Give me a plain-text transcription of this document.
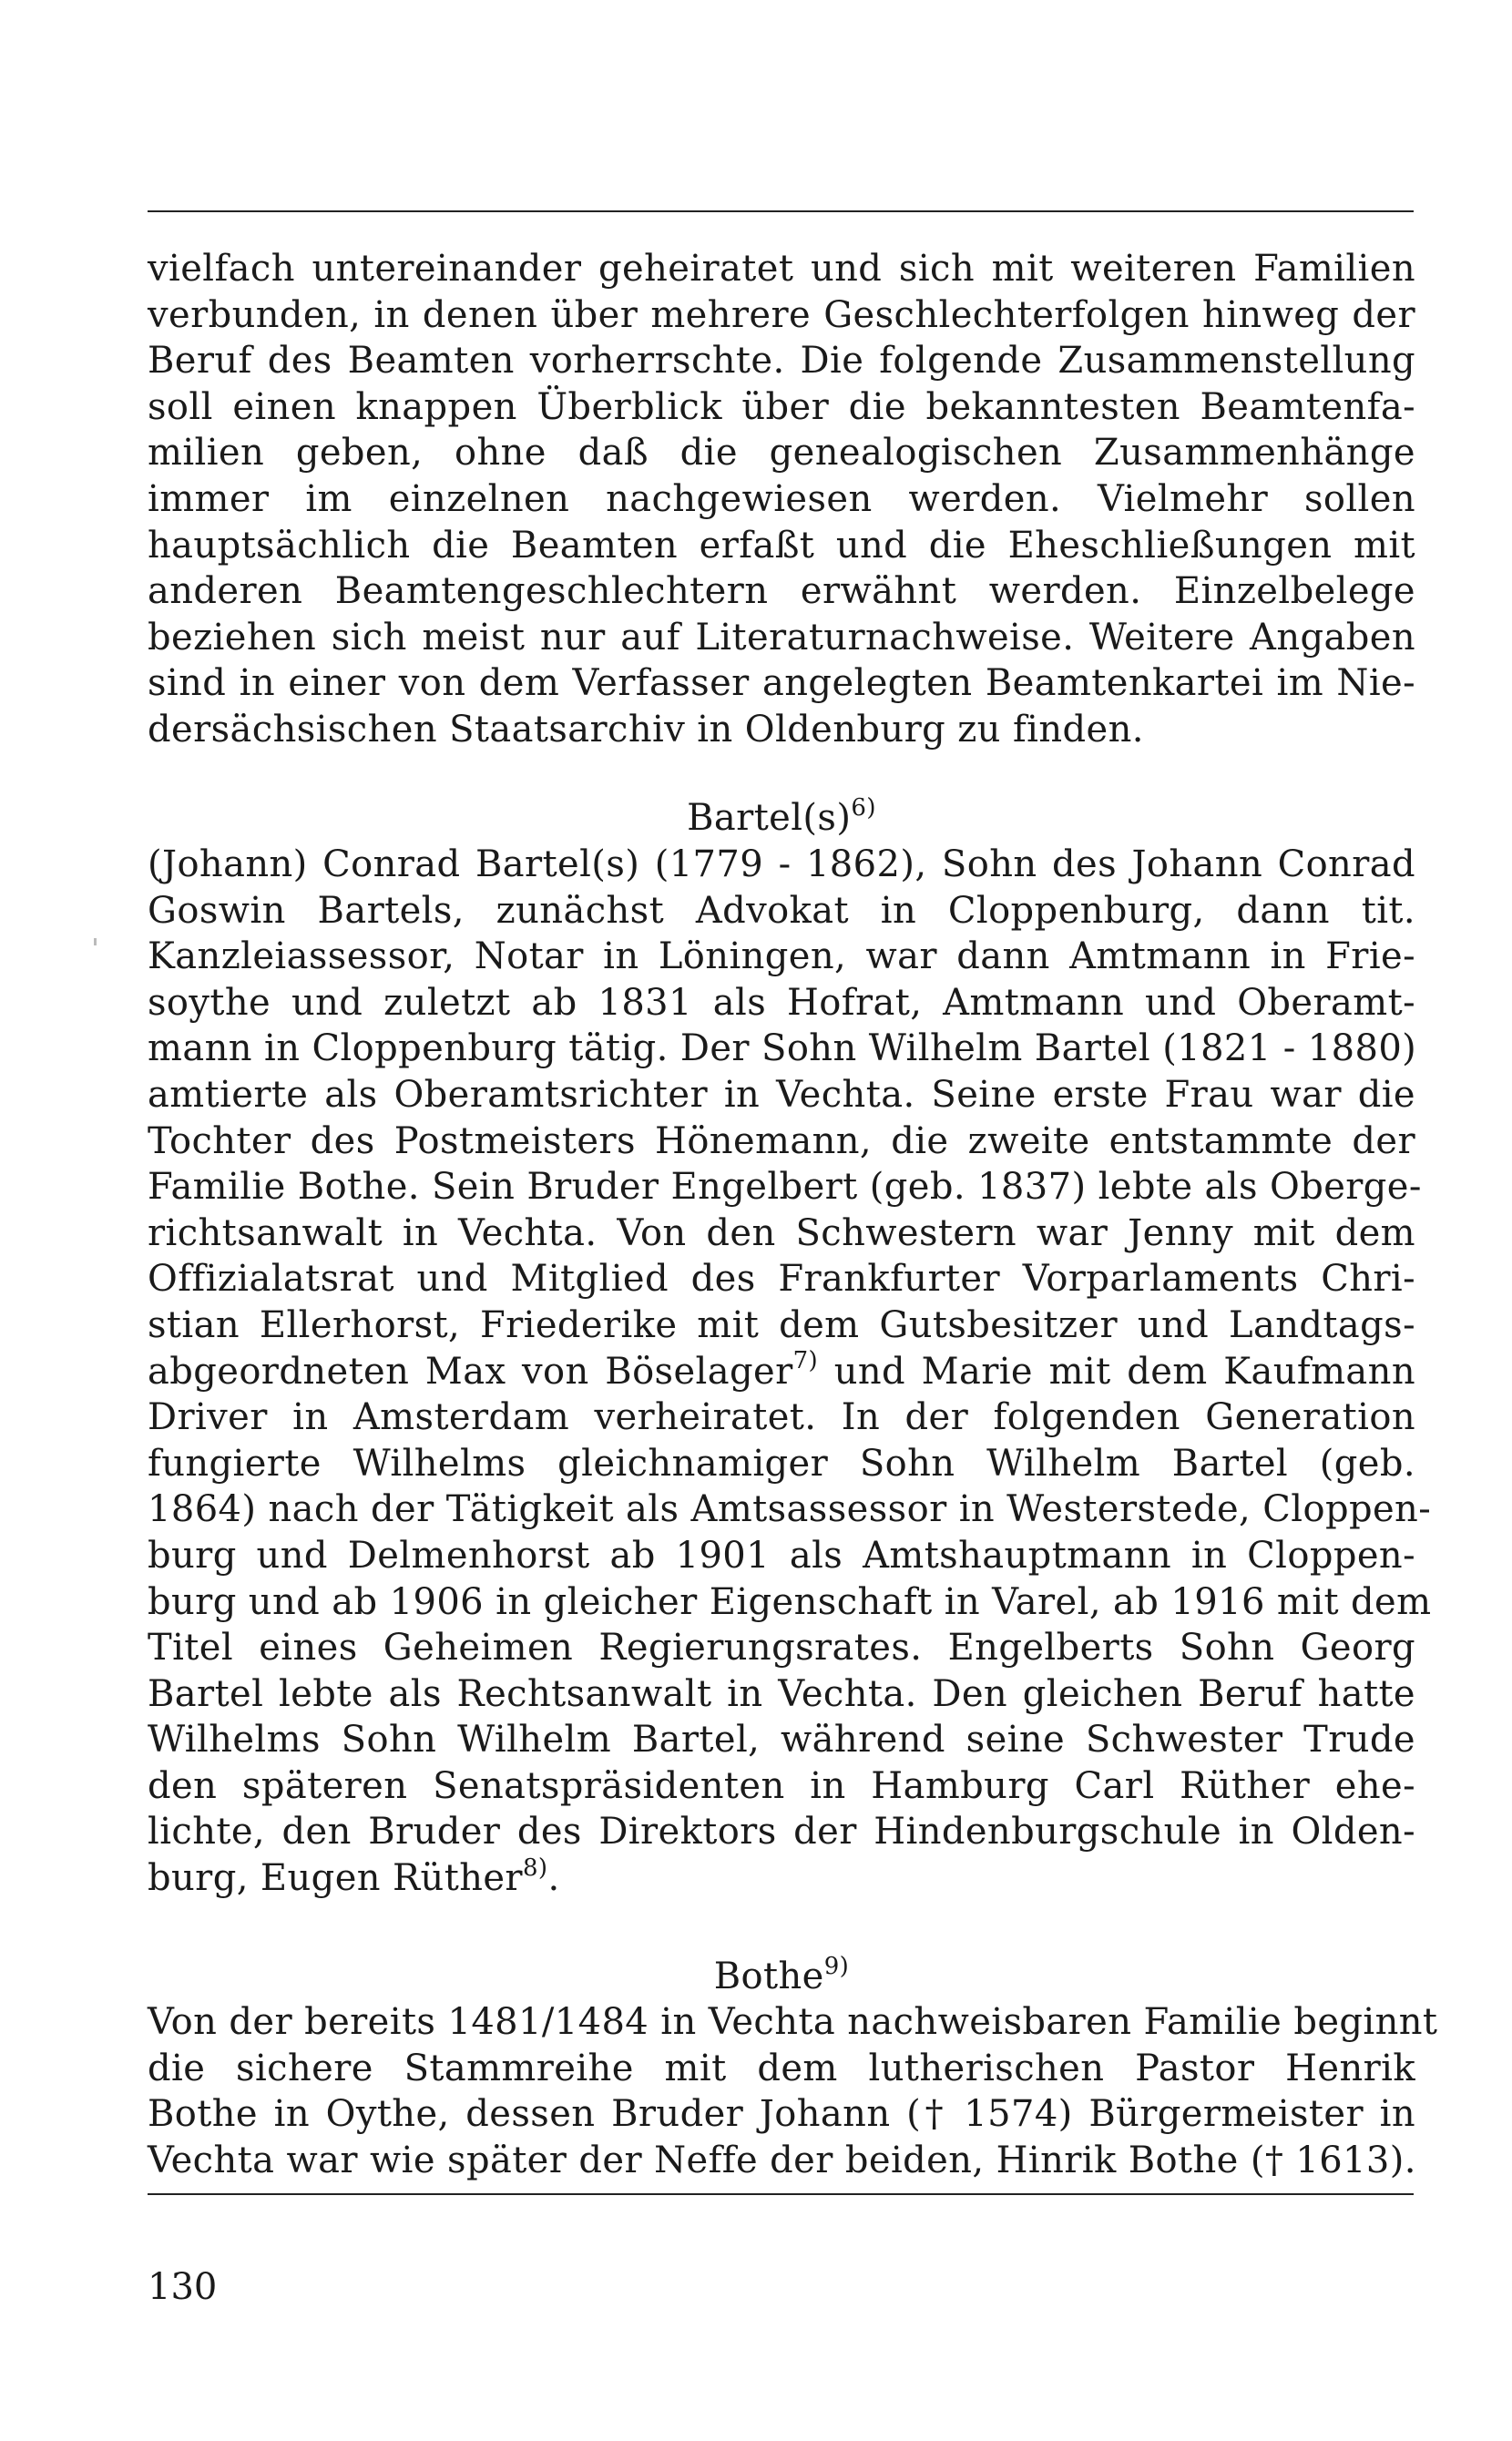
vielfach untereinander geheiratet und sich mit weiteren Familien
verbunden, in denen über mehrere Geschlechterfolgen hinweg der
Beruf des Beamten vorherrschte. Die folgende Zusammenstellung
soll einen knappen Überblick über die bekanntesten Beamtenfa-
milien geben, ohne daß die genealogischen Zusammenhänge
immer im einzelnen nachgewiesen werden. Vielmehr sollen
hauptsächlich die Beamten erfaßt und die Eheschließungen mit
anderen Beamtengeschlechtern erwähnt werden. Einzelbelege
beziehen sich meist nur auf Literaturnachweise. Weitere Angaben
sind in einer von dem Verfasser angelegten Beamtenkartei im Nie-
dersächsischen Staatsarchiv in Oldenburg zu finden.
$Bartel(s)^{6)}$
(Johann) Conrad Bartel(s) (1779 - 1862), Sohn des Johann Conrad
Goswin Bartels, zunächst Advokat in Cloppenburg, dann tit.
Kanzleiassessor, Notar in Löningen, war dann Amtmann in Frie-
soythe und zuletzt ab 1831 als Hofrat, Amtmann und Oberamt-
mann in Cloppenburg tätig. Der Sohn Wilhelm Bartel (1821 - 1880)
amtierte als Oberamtsrichter in Vechta. Seine erste Frau war die
Tochter des Postmeisters Hönemann, die zweite entstammte der
Familie Bothe. Sein Bruder Engelbert (geb. 1837) lebte als Oberge-
richtsanwalt in Vechta. Von den Schwestern war Jenny mit dem
Offizialatsrat und Mitglied des Frankfurter Vorparlaments Chri-
stian Ellerhorst, Friederike mit dem Gutsbesitzer und Landtags-
abgeordneten Max von Böselager$^{7)}$ und Marie mit dem Kaufmann
Driver in Amsterdam verheiratet. In der folgenden Generation
fungierte Wilhelms gleichnamiger Sohn Wilhelm Bartel (geb.
1864) nach der Tätigkeit als Amtsassessor in Westerstede, Cloppen-
burg und Delmenhorst ab 1901 als Amtshauptmann in Cloppen-
burg und ab 1906 in gleicher Eigenschaft in Varel, ab 1916 mit dem
Titel eines Geheimen Regierungsrates. Engelberts Sohn Georg
Bartel lebte als Rechtsanwalt in Vechta. Den gleichen Beruf hatte
Wilhelms Sohn Wilhelm Bartel, während seine Schwester Trude
den späteren Senatspräsidenten in Hamburg Carl Rüther ehe-
lichte, den Bruder des Direktors der Hindenburgschule in Olden-
burg, Eugen Rüther$^{8)}$.
Bothe$^{9)}$
Von der bereits 1481/1484 in Vechta nachweisbaren Familie beginnt
die sichere Stammreihe mit dem lutherischen Pastor Henrik
Bothe in Oythe, dessen Bruder Johann († 1574) Bürgermeister in
Vechta war wie später der Neffe der beiden, Hinrik Bothe († 1613).
130
